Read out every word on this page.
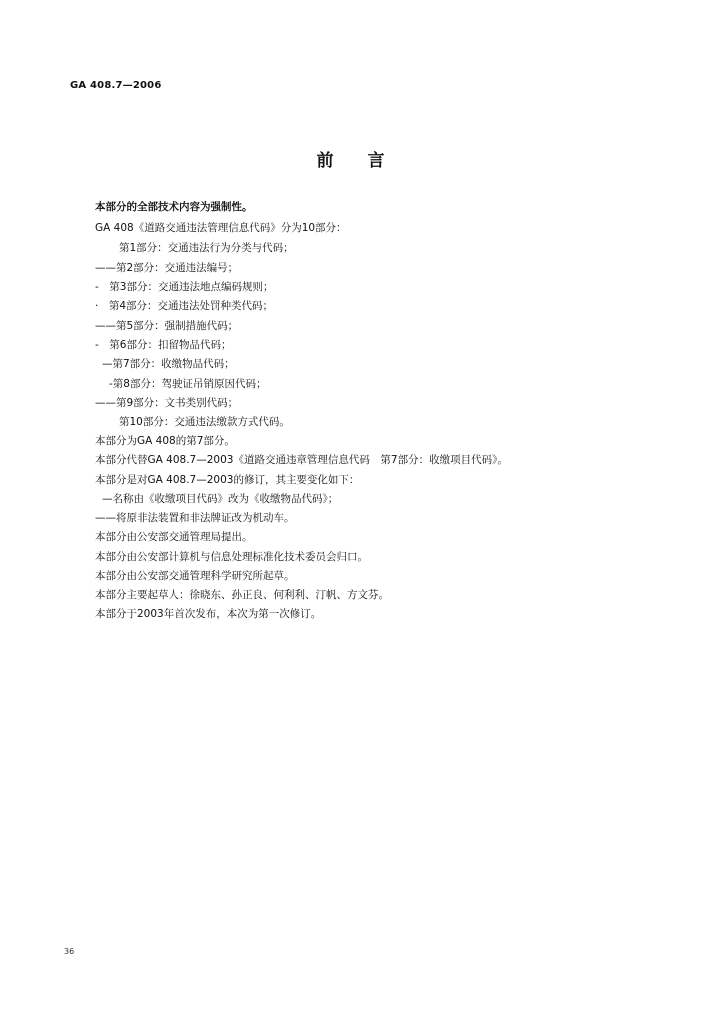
GA 408.7—2006
前言
本部分的全部技术内容为强制性。
GA 408《道路交通违法管理信息代码》分为10部分：
第1部分：交通违法行为分类与代码；
——第2部分：交通违法编号；
-　第3部分：交通违法地点编码规则；
·　第4部分：交通违法处罚种类代码；
——第5部分：强制措施代码；
-　第6部分：扣留物品代码；
—第7部分：收缴物品代码；
-第8部分：驾驶证吊销原因代码；
——第9部分：文书类别代码；
第10部分：交通违法缴款方式代码。
本部分为GA 408的第7部分。
本部分代替GA 408.7—2003《道路交通违章管理信息代码　第7部分：收缴项目代码》。
本部分是对GA 408.7—2003的修订，其主要变化如下：
—名称由《收缴项目代码》改为《收缴物品代码》；
——将原非法装置和非法牌证改为机动车。
本部分由公安部交通管理局提出。
本部分由公安部计算机与信息处理标准化技术委员会归口。
本部分由公安部交通管理科学研究所起草。
本部分主要起草人：徐晓东、孙正良、何利利、汀帆、方文芬。
本部分于2003年首次发布，本次为第一次修订。
36
